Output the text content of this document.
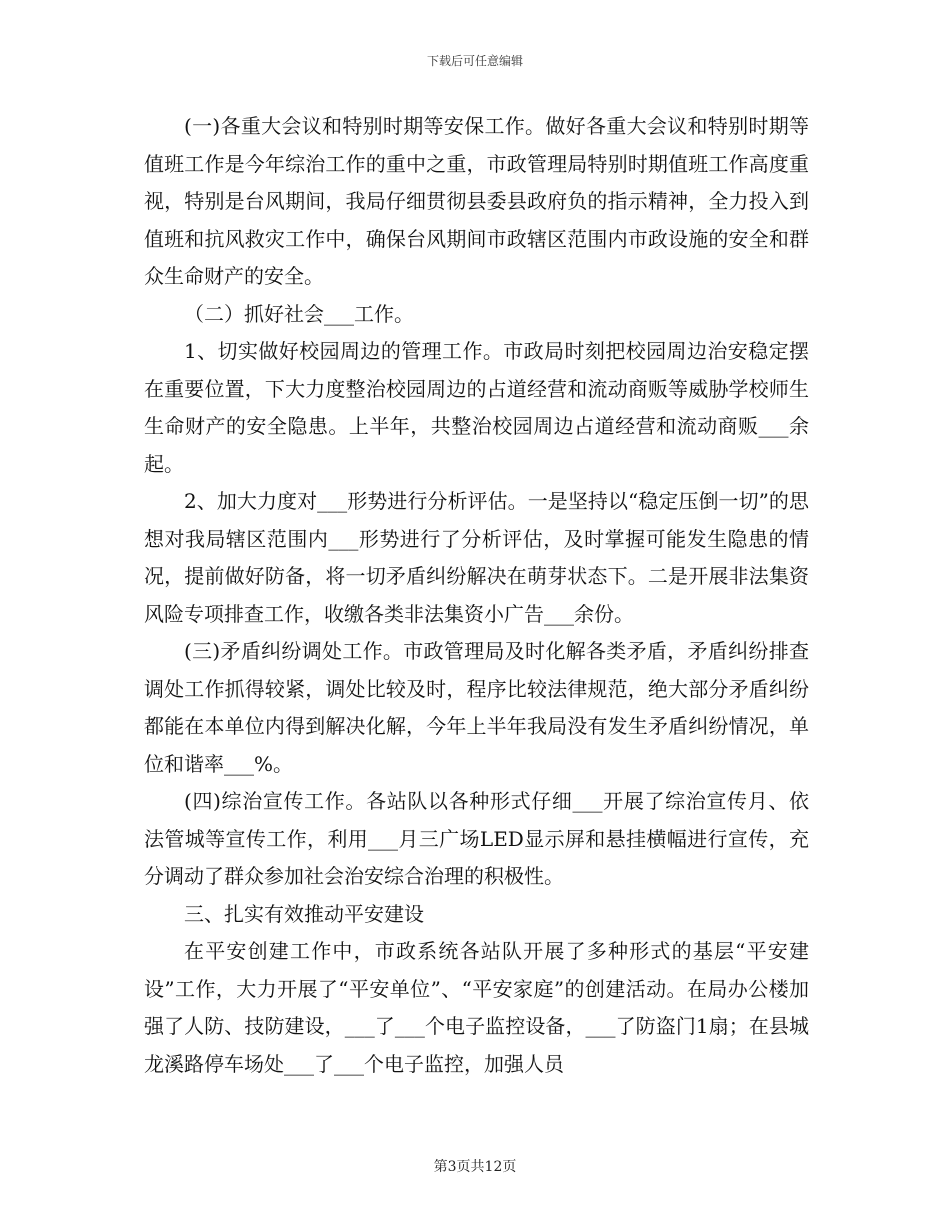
下载后可任意编辑

(一)各重大会议和特别时期等安保工作。做好各重大会议和特别时期等值班工作是今年综治工作的重中之重，市政管理局特别时期值班工作高度重视，特别是台风期间，我局仔细贯彻县委县政府负的指示精神，全力投入到值班和抗风救灾工作中，确保台风期间市政辖区范围内市政设施的安全和群众生命财产的安全。

（二）抓好社会___工作。

1、切实做好校园周边的管理工作。市政局时刻把校园周边治安稳定摆在重要位置，下大力度整治校园周边的占道经营和流动商贩等威胁学校师生生命财产的安全隐患。上半年，共整治校园周边占道经营和流动商贩___余起。

2、加大力度对___形势进行分析评估。一是坚持以“稳定压倒一切”的思想对我局辖区范围内___形势进行了分析评估，及时掌握可能发生隐患的情况，提前做好防备，将一切矛盾纠纷解决在萌芽状态下。二是开展非法集资风险专项排查工作，收缴各类非法集资小广告___余份。

(三)矛盾纠纷调处工作。市政管理局及时化解各类矛盾，矛盾纠纷排查调处工作抓得较紧，调处比较及时，程序比较法律规范，绝大部分矛盾纠纷都能在本单位内得到解决化解，今年上半年我局没有发生矛盾纠纷情况，单位和谐率___%。

(四)综治宣传工作。各站队以各种形式仔细___开展了综治宣传月、依法管城等宣传工作，利用___月三广场LED显示屏和悬挂横幅进行宣传，充分调动了群众参加社会治安综合治理的积极性。

三、扎实有效推动平安建设

在平安创建工作中，市政系统各站队开展了多种形式的基层“平安建设”工作，大力开展了“平安单位”、“平安家庭”的创建活动。在局办公楼加强了人防、技防建设，___了___个电子监控设备，___了防盗门1扇；在县城龙溪路停车场处___了___个电子监控，加强人员

第3页共12页
